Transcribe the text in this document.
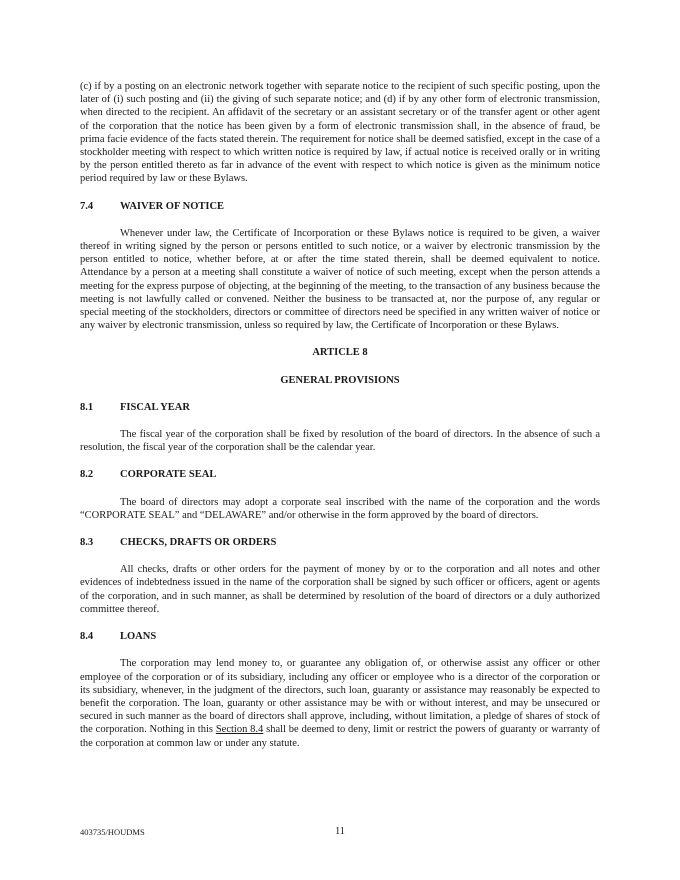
(c) if by a posting on an electronic network together with separate notice to the recipient of such specific posting, upon the later of (i) such posting and (ii) the giving of such separate notice; and (d) if by any other form of electronic transmission, when directed to the recipient. An affidavit of the secretary or an assistant secretary or of the transfer agent or other agent of the corporation that the notice has been given by a form of electronic transmission shall, in the absence of fraud, be prima facie evidence of the facts stated therein. The requirement for notice shall be deemed satisfied, except in the case of a stockholder meeting with respect to which written notice is required by law, if actual notice is received orally or in writing by the person entitled thereto as far in advance of the event with respect to which notice is given as the minimum notice period required by law or these Bylaws.

7.4	WAIVER OF NOTICE

Whenever under law, the Certificate of Incorporation or these Bylaws notice is required to be given, a waiver thereof in writing signed by the person or persons entitled to such notice, or a waiver by electronic transmission by the person entitled to notice, whether before, at or after the time stated therein, shall be deemed equivalent to notice. Attendance by a person at a meeting shall constitute a waiver of notice of such meeting, except when the person attends a meeting for the express purpose of objecting, at the beginning of the meeting, to the transaction of any business because the meeting is not lawfully called or convened. Neither the business to be transacted at, nor the purpose of, any regular or special meeting of the stockholders, directors or committee of directors need be specified in any written waiver of notice or any waiver by electronic transmission, unless so required by law, the Certificate of Incorporation or these Bylaws.

ARTICLE 8

GENERAL PROVISIONS

8.1	FISCAL YEAR

The fiscal year of the corporation shall be fixed by resolution of the board of directors. In the absence of such a resolution, the fiscal year of the corporation shall be the calendar year.

8.2	CORPORATE SEAL

The board of directors may adopt a corporate seal inscribed with the name of the corporation and the words “CORPORATE SEAL” and “DELAWARE” and/or otherwise in the form approved by the board of directors.

8.3	CHECKS, DRAFTS OR ORDERS

All checks, drafts or other orders for the payment of money by or to the corporation and all notes and other evidences of indebtedness issued in the name of the corporation shall be signed by such officer or officers, agent or agents of the corporation, and in such manner, as shall be determined by resolution of the board of directors or a duly authorized committee thereof.

8.4	LOANS

The corporation may lend money to, or guarantee any obligation of, or otherwise assist any officer or other employee of the corporation or of its subsidiary, including any officer or employee who is a director of the corporation or its subsidiary, whenever, in the judgment of the directors, such loan, guaranty or assistance may reasonably be expected to benefit the corporation. The loan, guaranty or other assistance may be with or without interest, and may be unsecured or secured in such manner as the board of directors shall approve, including, without limitation, a pledge of shares of stock of the corporation. Nothing in this Section 8.4 shall be deemed to deny, limit or restrict the powers of guaranty or warranty of the corporation at common law or under any statute.

403735/HOUDMS	11
